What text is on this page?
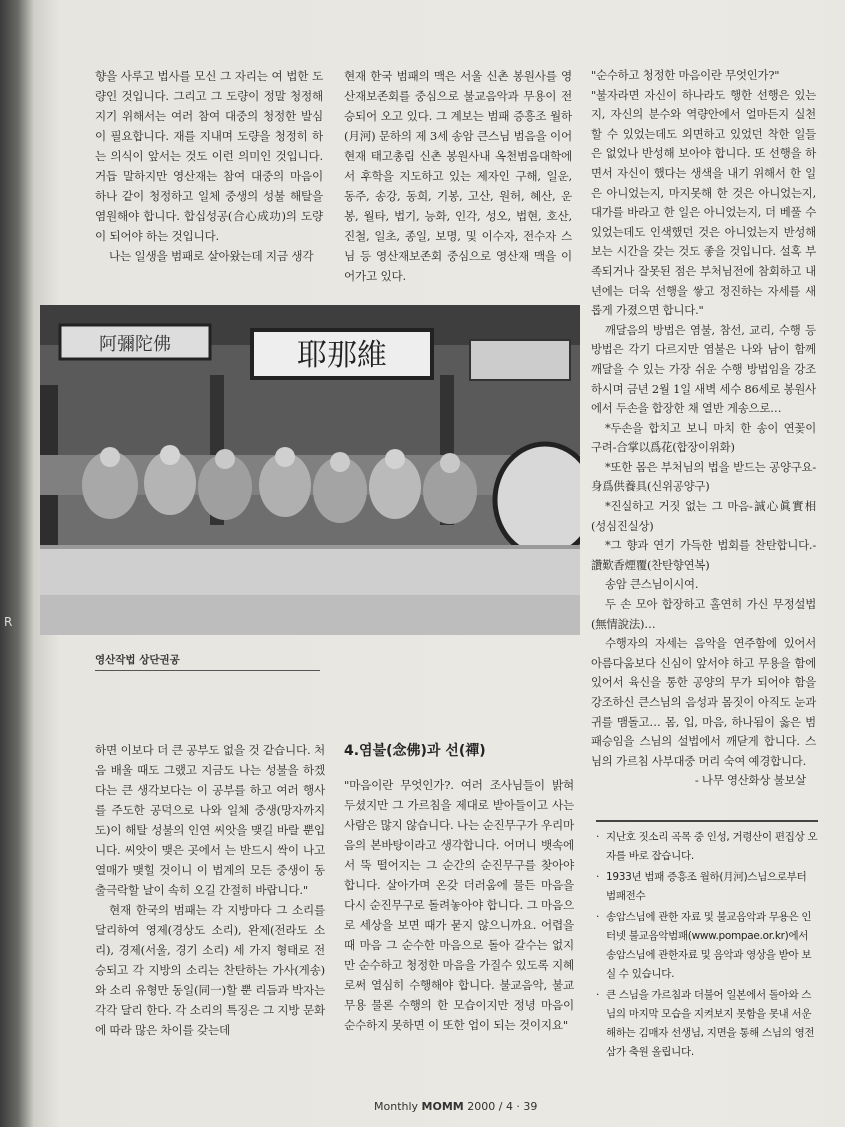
향을 사루고 법사를 모신 그 자리는 여 법한 도량인 것입니다. 그리고 그 도량이 정말 청정해 지기 위해서는 여러 참여 대중의 청정한 발심이 필요합니다. 재를 지내며 도량을 청정히 하는 의식이 앞서는 것도 이런 의미인 것입니다. 거듭 말하지만 영산재는 참여 대중의 마음이 하나 같이 청정하고 일체 중생의 성불 해탈을 염원해야 합니다. 합십성공(合心成功)의 도량이 되어야 하는 것입니다.

나는 일생을 범패로 살아왔는데 지금 생각

현재 한국 범패의 맥은 서울 신촌 봉원사를 영산재보존회를 중심으로 불교음악과 무용이 전승되어 오고 있다. 그 계보는 범패 증흥조 월하(月河) 문하의 제 3세 송암 큰스님 범음을 이어 현재 태고총림 신촌 봉원사내 옥천범음대학에서 후학을 지도하고 있는 제자인 구해, 일운, 동주, 송강, 동희, 기봉, 고산, 원허, 혜산, 운봉, 월타, 법기, 능화, 인각, 성오, 법현, 호산, 진철, 일초, 종일, 보명, 및 이수자, 전수자 스님 등 영산재보존회 중심으로 영산재 맥을 이어가고 있다.

"순수하고 청정한 마음이란 무엇인가?"

"불자라면 자신이 하나라도 행한 선행은 있는지, 자신의 분수와 역량안에서 얼마든지 실천할 수 있었는데도 외면하고 있었던 착한 일들은 없었나 반성해 보아야 합니다. 또 선행을 하면서 자신이 했다는 생색을 내기 위해서 한 일은 아니었는지, 마지못해 한 것은 아니었는지, 대가를 바라고 한 일은 아니었는지, 더 베풀 수 있었는데도 인색했던 것은 아니었는지 반성해 보는 시간을 갖는 것도 좋을 것입니다. 설혹 부족되거나 잘못된 점은 부처님전에 참회하고 내년에는 더욱 선행을 쌓고 정진하는 자세를 새롭게 가졌으면 합니다."

깨달음의 방법은 염불, 참선, 교리, 수행 등 방법은 각기 다르지만 염불은 나와 남이 함께 깨달을 수 있는 가장 쉬운 수행 방법임을 강조 하시며 금년 2월 1일 새벽 세수 86세로 봉원사에서 두손을 합장한 채 열반 게송으로…

*두손을 합치고 보니 마치 한 송이 연꽃이 구려-合掌以爲花(합장이위화)

*또한 몸은 부처님의 법을 받드는 공양구요-身爲供養具(신위공양구)

*진실하고 거짓 없는 그 마음-誠心眞實相(성심진실상)

*그 향과 연기 가득한 법회를 찬탄합니다.-讚歎香煙覆(찬탄향연복)

송암 큰스님이시여.

두 손 모아 합장하고 홀연히 가신 무정설법(無情說法)…

수행자의 자세는 음악을 연주함에 있어서 아름다움보다 신심이 앞서야 하고 무용을 함에 있어서 육신을 통한 공양의 무가 되어야 함을 강조하신 큰스님의 음성과 몸짓이 아직도 눈과 귀를 맴돌고… 몸, 입, 마음, 하나됨이 옳은 범패승임을 스님의 설법에서 깨닫게 합니다. 스님의 가르침 사부대중 머리 숙여 예경합니다.

- 나무 영산화상 불보살

阿彌陀佛	耶那維
영산작법 상단권공

하면 이보다 더 큰 공부도 없을 것 같습니다. 처음 배울 때도 그랬고 지금도 나는 성불을 하겠다는 큰 생각보다는 이 공부를 하고 여러 행사를 주도한 공덕으로 나와 일체 중생(망자까지도)이 해탈 성불의 인연 씨앗을 맺길 바랄 뿐입니다. 씨앗이 맺은 곳에서 는 반드시 싹이 나고 열매가 맺힐 것이니 이 법계의 모든 중생이 동출극락할 날이 속히 오길 간절히 바랍니다."

현재 한국의 범패는 각 지방마다 그 소리를 달리하여 영제(경상도 소리), 완제(전라도 소리), 경제(서울, 경기 소리) 세 가지 형태로 전승되고 각 지방의 소리는 찬탄하는 가사(게송)와 소리 유형만 동일(同一)할 뿐 리듬과 박자는 각각 달리 한다. 각 소리의 특징은 그 지방 문화에 따라 많은 차이를 갖는데

4.염불(念佛)과 선(禪)

"마음이란 무엇인가?. 여러 조사님들이 밝혀 두셨지만 그 가르침을 제대로 받아들이고 사는 사람은 많지 않습니다. 나는 순진무구가 우리마음의 본바탕이라고 생각합니다. 어머니 뱃속에서 뚝 떨어지는 그 순간의 순진무구를 찾아야 합니다. 살아가며 온갖 더러움에 물든 마음을 다시 순진무구로 돌려놓아야 합니다. 그 마음으로 세상을 보면 때가 묻지 않으니까요. 어렵을 때 마음 그 순수한 마음으로 돌아 갈수는 없지만 순수하고 청정한 마음을 가질수 있도록 지혜로써 열심히 수행해야 합니다. 불교음악, 불교무용 물론 수행의 한 모습이지만 정녕 마음이 순수하지 못하면 이 또한 업이 되는 것이지요"

· 지난호 짓소리 곡목 중 인성, 거령산이 편집상 오자를 바로 잡습니다.
· 1933년 범패 증흥조 월하(月河)스님으로부터 범패전수
· 송암스님에 관한 자료 및 불교음악과 무용은 인터넷 불교음악범패(www.pompae.or.kr)에서 송암스님에 관한자료 및 음악과 영상을 받아 보실 수 있습니다.
· 큰 스님을 가르침과 더불어 일본에서 돌아와 스님의 마지막 모습을 지켜보지 못함을 못내 서운해하는 김매자 선생님, 지면을 통해 스님의 영전 삼가 축원 올립니다.
Monthly MOMM 2000 / 4 · 39
R
